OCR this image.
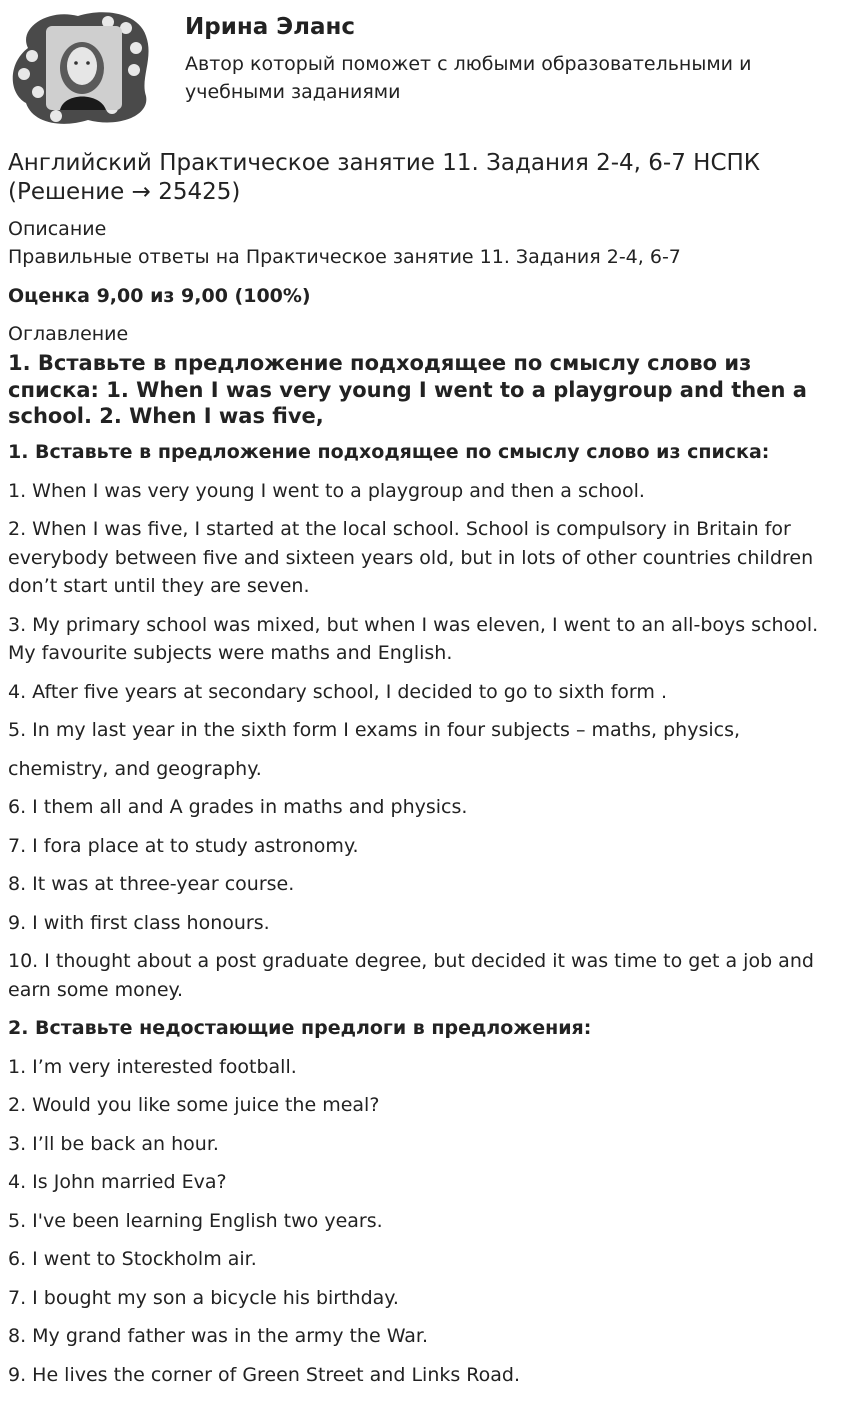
Ирина Эланс
Автор который поможет с любыми образовательными и учебными заданиями
Английский Практическое занятие 11. Задания 2-4, 6-7 НСПК (Решение → 25425)
Описание
Правильные ответы на Практическое занятие 11. Задания 2-4, 6-7
Оценка 9,00 из 9,00 (100%)
Оглавление
1. Вставьте в предложение подходящее по смыслу слово из списка: 1. When I was very young I went to a playgroup and then a school. 2. When I was five,
1. Вставьте в предложение подходящее по смыслу слово из списка:
1. When I was very young I went to a playgroup and then a school.
2. When I was five, I started at the local school. School is compulsory in Britain for everybody between five and sixteen years old, but in lots of other countries children don’t start until they are seven.
3. My primary school was mixed, but when I was eleven, I went to an all-boys school. My favourite subjects were maths and English.
4. After five years at secondary school, I decided to go to sixth form .
5. In my last year in the sixth form I exams in four subjects – maths, physics,
chemistry, and geography.
6. I them all and A grades in maths and physics.
7. I fora place at to study astronomy.
8. It was at three-year course.
9. I with first class honours.
10. I thought about a post graduate degree, but decided it was time to get a job and earn some money.
2. Вставьте недостающие предлоги в предложения:
1. I’m very interested football.
2. Would you like some juice the meal?
3. I’ll be back an hour.
4. Is John married Eva?
5. I've been learning English two years.
6. I went to Stockholm air.
7. I bought my son a bicycle his birthday.
8. My grand father was in the army the War.
9. He lives the corner of Green Street and Links Road.
